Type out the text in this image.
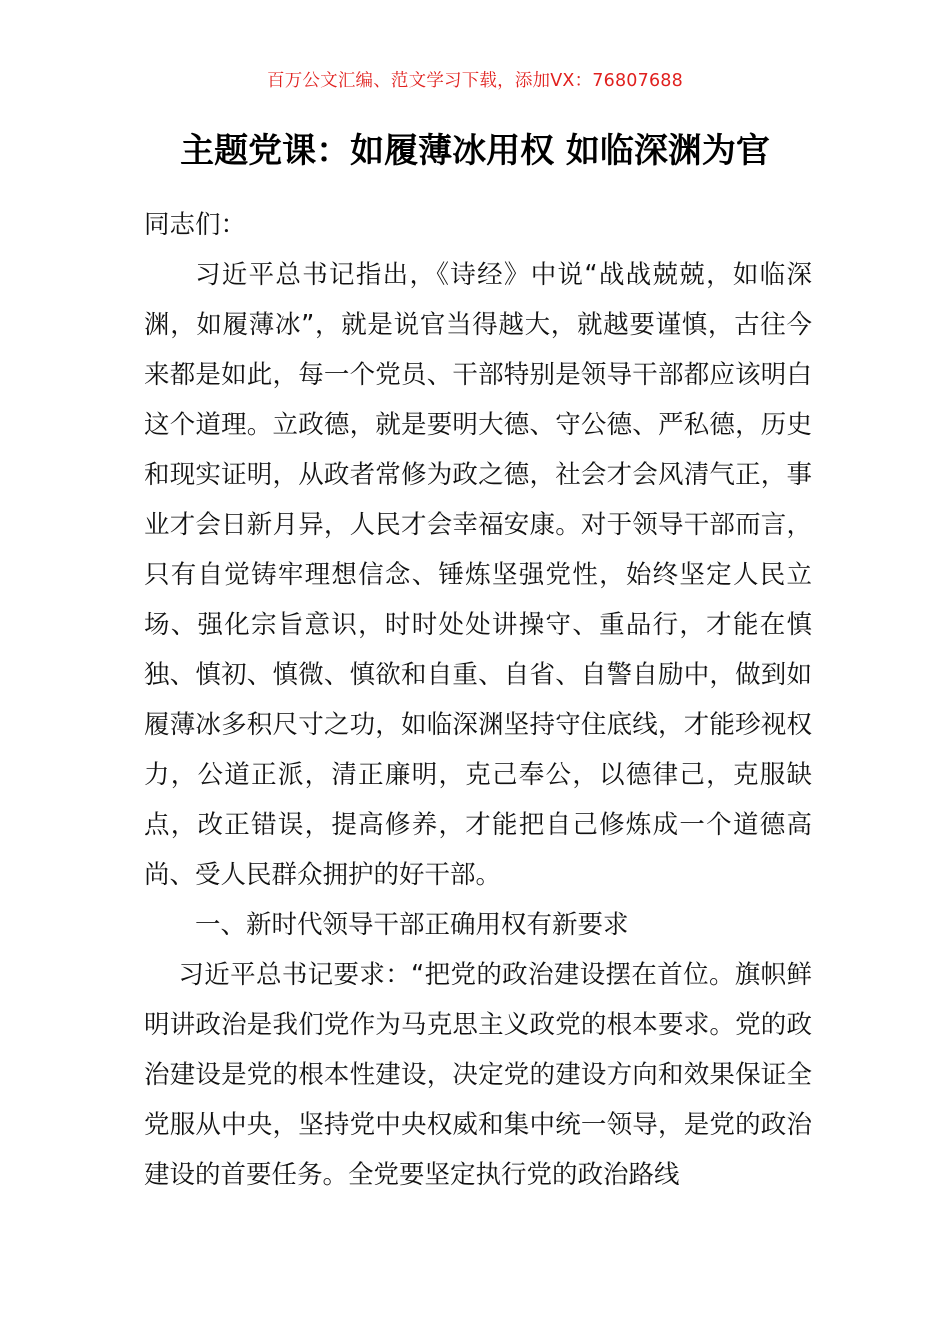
百万公文汇编、范文学习下载，添加VX：76807688
主题党课：如履薄冰用权 如临深渊为官

同志们：

习近平总书记指出，《诗经》中说“战战兢兢，如临深渊，如履薄冰”，就是说官当得越大，就越要谨慎，古往今来都是如此，每一个党员、干部特别是领导干部都应该明白这个道理。立政德，就是要明大德、守公德、严私德，历史和现实证明，从政者常修为政之德，社会才会风清气正，事业才会日新月异，人民才会幸福安康。对于领导干部而言，只有自觉铸牢理想信念、锤炼坚强党性，始终坚定人民立场、强化宗旨意识，时时处处讲操守、重品行，才能在慎独、慎初、慎微、慎欲和自重、自省、自警自励中，做到如履薄冰多积尺寸之功，如临深渊坚持守住底线，才能珍视权力，公道正派，清正廉明，克己奉公，以德律己，克服缺点，改正错误，提高修养，才能把自己修炼成一个道德高尚、受人民群众拥护的好干部。

一、新时代领导干部正确用权有新要求

习近平总书记要求：“把党的政治建设摆在首位。旗帜鲜明讲政治是我们党作为马克思主义政党的根本要求。党的政治建设是党的根本性建设，决定党的建设方向和效果保证全党服从中央，坚持党中央权威和集中统一领导，是党的政治建设的首要任务。全党要坚定执行党的政治路线
